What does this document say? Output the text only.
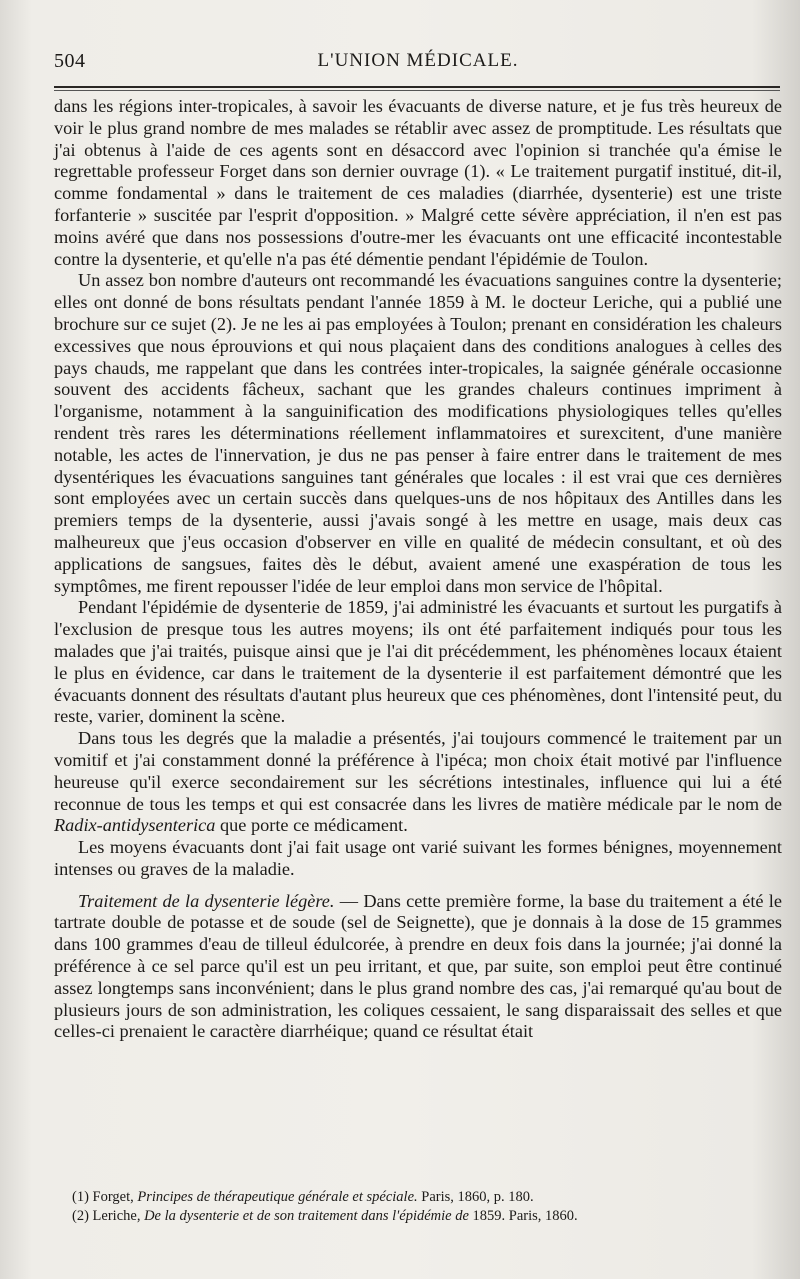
504	L'UNION MÉDICALE.

dans les régions inter-tropicales, à savoir les évacuants de diverse nature, et je fus très heureux de voir le plus grand nombre de mes malades se rétablir avec assez de promptitude. Les résultats que j'ai obtenus à l'aide de ces agents sont en désaccord avec l'opinion si tranchée qu'a émise le regrettable professeur Forget dans son dernier ouvrage (1). « Le traitement purgatif institué, dit-il, comme fondamental » dans le traitement de ces maladies (diarrhée, dysenterie) est une triste forfanterie » suscitée par l'esprit d'opposition. » Malgré cette sévère appréciation, il n'en est pas moins avéré que dans nos possessions d'outre-mer les évacuants ont une efficacité incontestable contre la dysenterie, et qu'elle n'a pas été démentie pendant l'épidémie de Toulon.

Un assez bon nombre d'auteurs ont recommandé les évacuations sanguines contre la dysenterie; elles ont donné de bons résultats pendant l'année 1859 à M. le docteur Leriche, qui a publié une brochure sur ce sujet (2). Je ne les ai pas employées à Toulon; prenant en considération les chaleurs excessives que nous éprouvions et qui nous plaçaient dans des conditions analogues à celles des pays chauds, me rappelant que dans les contrées inter-tropicales, la saignée générale occasionne souvent des accidents fâcheux, sachant que les grandes chaleurs continues impriment à l'organisme, notamment à la sanguinification des modifications physiologiques telles qu'elles rendent très rares les déterminations réellement inflammatoires et surexcitent, d'une manière notable, les actes de l'innervation, je dus ne pas penser à faire entrer dans le traitement de mes dysentériques les évacuations sanguines tant générales que locales : il est vrai que ces dernières sont employées avec un certain succès dans quelques-uns de nos hôpitaux des Antilles dans les premiers temps de la dysenterie, aussi j'avais songé à les mettre en usage, mais deux cas malheureux que j'eus occasion d'observer en ville en qualité de médecin consultant, et où des applications de sangsues, faites dès le début, avaient amené une exaspération de tous les symptômes, me firent repousser l'idée de leur emploi dans mon service de l'hôpital.

Pendant l'épidémie de dysenterie de 1859, j'ai administré les évacuants et surtout les purgatifs à l'exclusion de presque tous les autres moyens; ils ont été parfaitement indiqués pour tous les malades que j'ai traités, puisque ainsi que je l'ai dit précédemment, les phénomènes locaux étaient le plus en évidence, car dans le traitement de la dysenterie il est parfaitement démontré que les évacuants donnent des résultats d'autant plus heureux que ces phénomènes, dont l'intensité peut, du reste, varier, dominent la scène.

Dans tous les degrés que la maladie a présentés, j'ai toujours commencé le traitement par un vomitif et j'ai constamment donné la préférence à l'ipéca; mon choix était motivé par l'influence heureuse qu'il exerce secondairement sur les sécrétions intestinales, influence qui lui a été reconnue de tous les temps et qui est consacrée dans les livres de matière médicale par le nom de Radix-antidysenterica que porte ce médicament.

Les moyens évacuants dont j'ai fait usage ont varié suivant les formes bénignes, moyennement intenses ou graves de la maladie.

Traitement de la dysenterie légère. — Dans cette première forme, la base du traitement a été le tartrate double de potasse et de soude (sel de Seignette), que je donnais à la dose de 15 grammes dans 100 grammes d'eau de tilleul édulcorée, à prendre en deux fois dans la journée; j'ai donné la préférence à ce sel parce qu'il est un peu irritant, et que, par suite, son emploi peut être continué assez longtemps sans inconvénient; dans le plus grand nombre des cas, j'ai remarqué qu'au bout de plusieurs jours de son administration, les coliques cessaient, le sang disparaissait des selles et que celles-ci prenaient le caractère diarrhéique; quand ce résultat était

(1) Forget, Principes de thérapeutique générale et spéciale. Paris, 1860, p. 180.
(2) Leriche, De la dysenterie et de son traitement dans l'épidémie de 1859. Paris, 1860.
